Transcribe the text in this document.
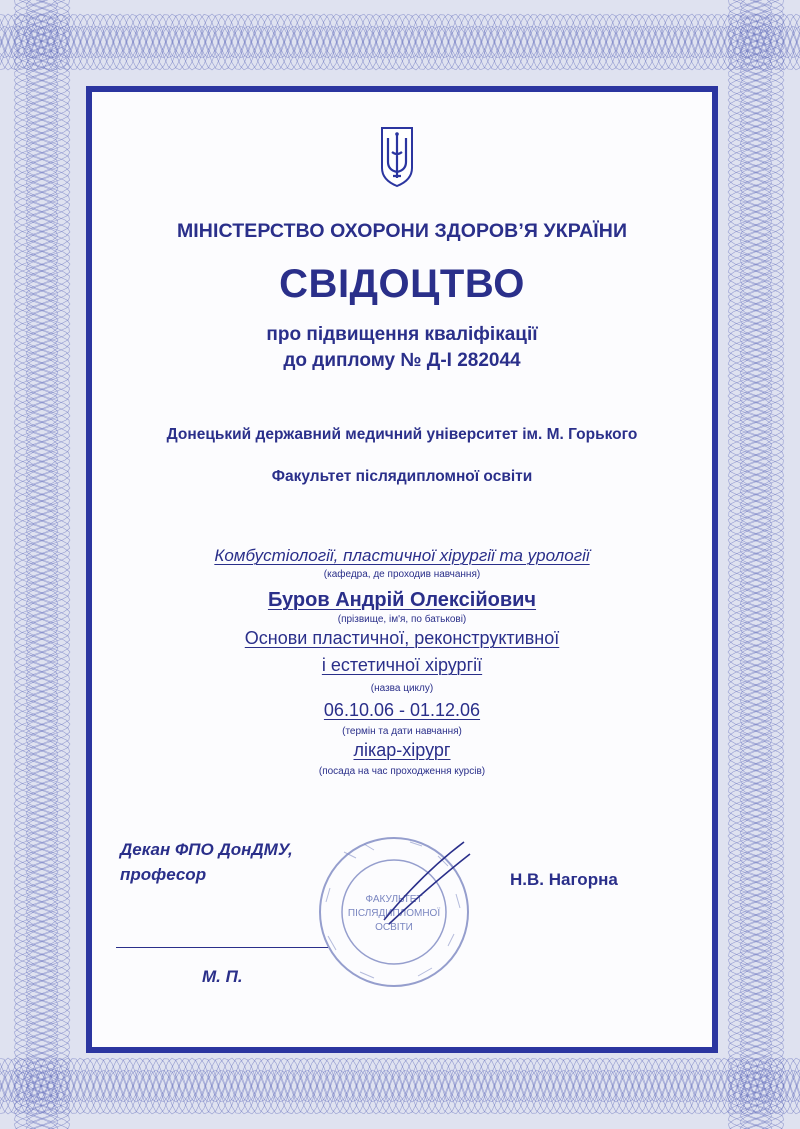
МІНІСТЕРСТВО ОХОРОНИ ЗДОРОВ’Я УКРАЇНИ
СВІДОЦТВО
про підвищення кваліфікації
до диплому № Д-І 282044
Донецький державний медичний університет ім. М. Горького
Факультет післядипломної освіти
Комбустіології, пластичної хірургії та урології
(кафедра, де проходив навчання)
Буров Андрій Олексійович
(прізвище, ім'я, по батькові)
Основи пластичної, реконструктивної
і естетичної хірургії
(назва циклу)
06.10.06 - 01.12.06
(термін та дати навчання)
лікар-хірург
(посада на час проходження курсів)
Декан ФПО ДонДМУ,
професор	Н.В. Нагорна
М. П.
ФАКУЛЬТЕТ
ПІСЛЯДИПЛОМНОЇ
ОСВІТИ
